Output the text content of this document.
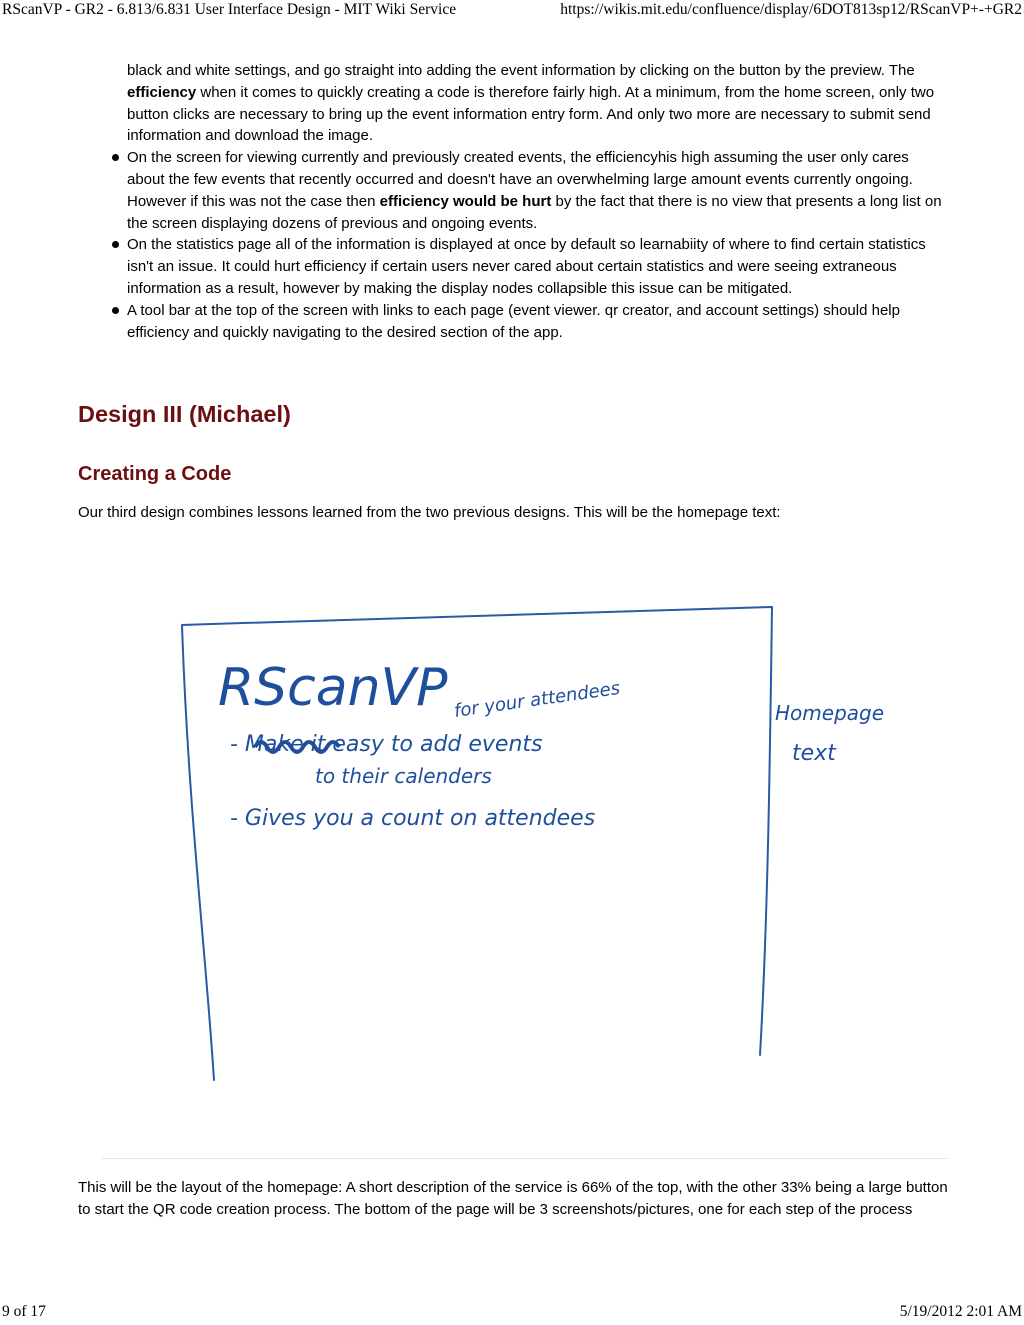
RScanVP - GR2 - 6.813/6.831 User Interface Design - MIT Wiki Service	https://wikis.mit.edu/confluence/display/6DOT813sp12/RScanVP+-+GR2

black and white settings, and go straight into adding the event information by clicking on the button by the preview. The efficiency when it comes to quickly creating a code is therefore fairly high. At a minimum, from the home screen, only two button clicks are necessary to bring up the event information entry form. And only two more are necessary to submit send information and download the image.

On the screen for viewing currently and previously created events, the efficiencyhis high assuming the user only cares about the few events that recently occurred and doesn't have an overwhelming large amount events currently ongoing. However if this was not the case then efficiency would be hurt by the fact that there is no view that presents a long list on the screen displaying dozens of previous and ongoing events.
On the statistics page all of the information is displayed at once by default so learnabiity of where to find certain statistics isn't an issue. It could hurt efficiency if certain users never cared about certain statistics and were seeing extraneous information as a result, however by making the display nodes collapsible this issue can be mitigated.
A tool bar at the top of the screen with links to each page (event viewer. qr creator, and account settings) should help efficiency and quickly navigating to the desired section of the app.
Design III (Michael)
Creating a Code

Our third design combines lessons learned from the two previous designs. This will be the homepage text:

RScanVP for your attendees
- Make it easy to add events
to their calenders
- Gives you a count on attendees
Homepage
text

This will be the layout of the homepage: A short description of the service is 66% of the top, with the other 33% being a large button to start the QR code creation process. The bottom of the page will be 3 screenshots/pictures, one for each step of the process

9 of 17	5/19/2012 2:01 AM
